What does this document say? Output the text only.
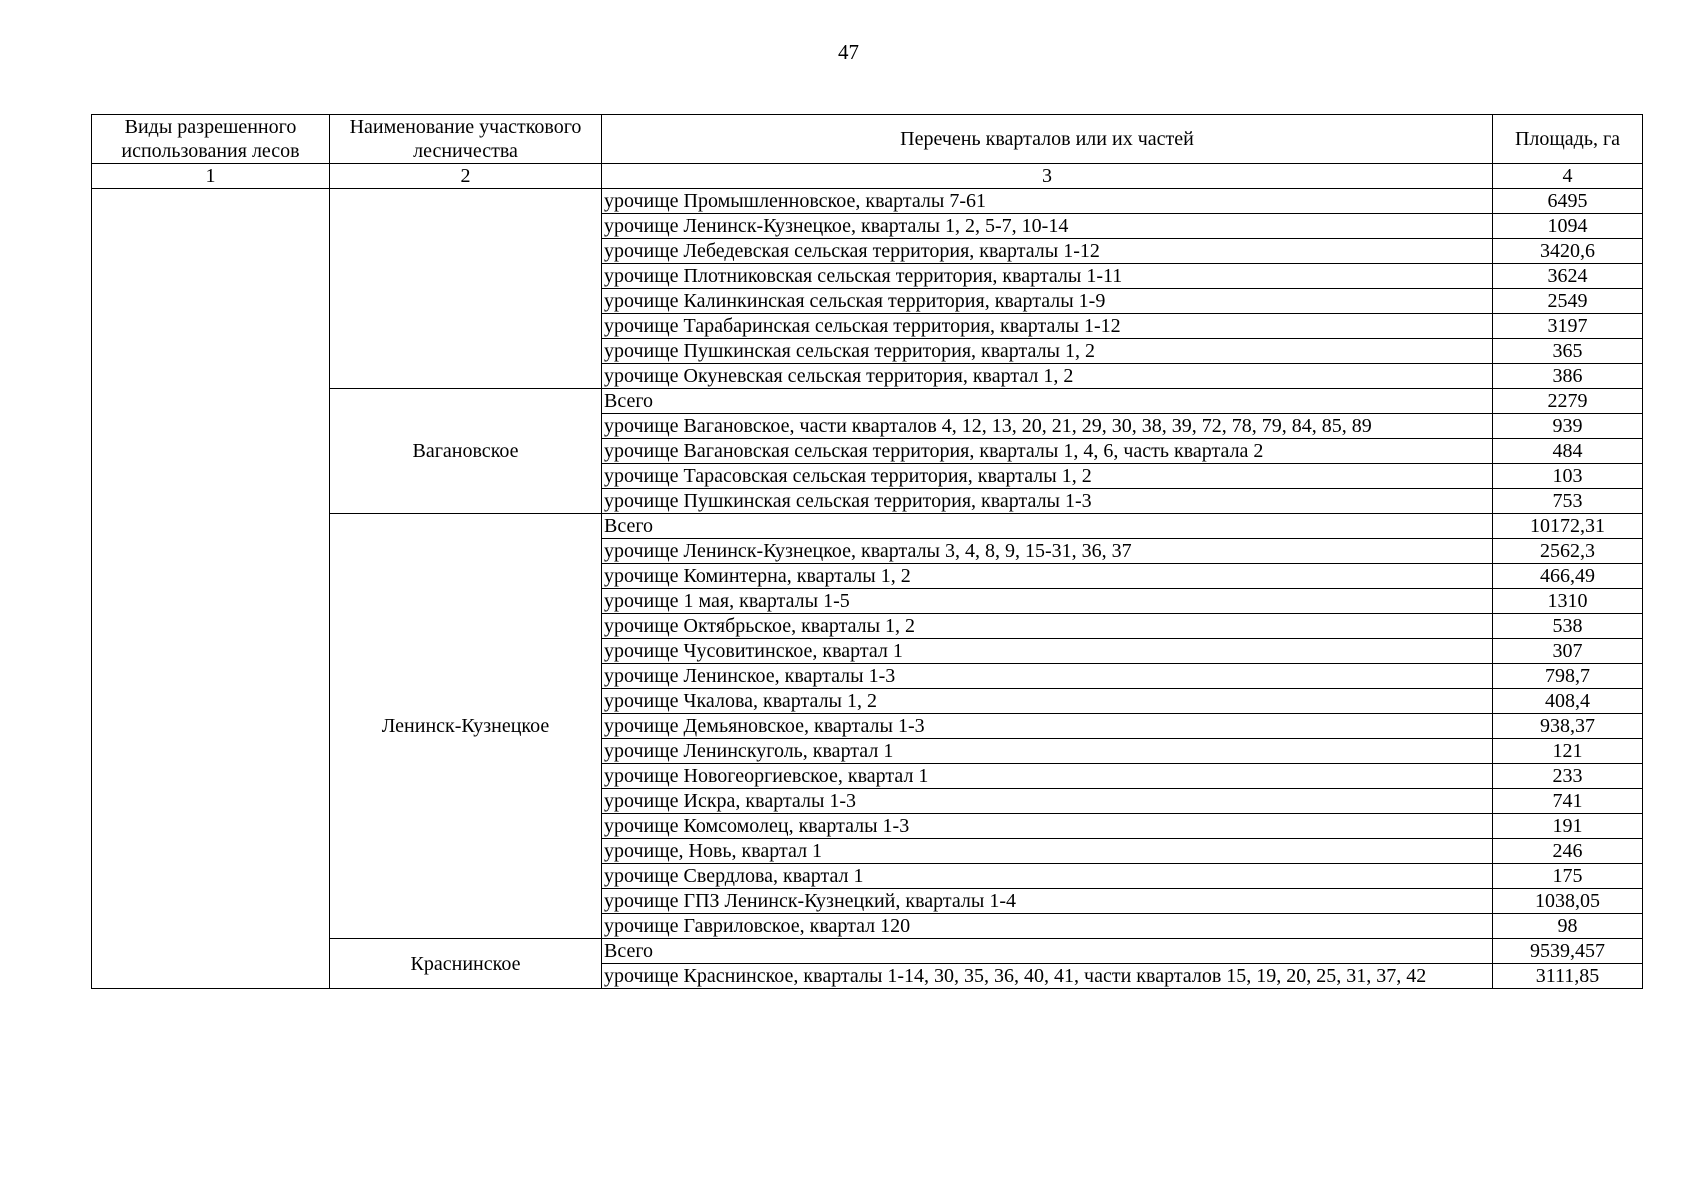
47
Виды разрешенного использования лесов	Наименование участкового лесничества	Перечень кварталов или их частей	Площадь, га
1	2	3	4
		урочище Промышленновское, кварталы 7-61	6495
		урочище Ленинск-Кузнецкое, кварталы 1, 2, 5-7, 10-14	1094
		урочище Лебедевская сельская территория, кварталы 1-12	3420,6
		урочище Плотниковская сельская территория, кварталы 1-11	3624
		урочище Калинкинская сельская территория, кварталы 1-9	2549
		урочище Тарабаринская сельская территория, кварталы 1-12	3197
		урочище Пушкинская сельская территория, кварталы 1, 2	365
		урочище Окуневская сельская территория, квартал 1, 2	386
	Вагановское	Всего	2279
		урочище Вагановское, части кварталов 4, 12, 13, 20, 21, 29, 30, 38, 39, 72, 78, 79, 84, 85, 89	939
		урочище Вагановская сельская территория, кварталы 1, 4, 6, часть квартала 2	484
		урочище Тарасовская сельская территория, кварталы 1, 2	103
		урочище Пушкинская сельская территория, кварталы 1-3	753
	Ленинск-Кузнецкое	Всего	10172,31
		урочище Ленинск-Кузнецкое, кварталы 3, 4, 8, 9, 15-31, 36, 37	2562,3
		урочище Коминтерна, кварталы 1, 2	466,49
		урочище 1 мая, кварталы 1-5	1310
		урочище Октябрьское, кварталы 1, 2	538
		урочище Чусовитинское, квартал 1	307
		урочище Ленинское, кварталы 1-3	798,7
		урочище Чкалова, кварталы 1, 2	408,4
		урочище Демьяновское, кварталы 1-3	938,37
		урочище Ленинскуголь, квартал 1	121
		урочище Новогеоргиевское, квартал 1	233
		урочище Искра, кварталы 1-3	741
		урочище Комсомолец, кварталы 1-3	191
		урочище, Новь, квартал 1	246
		урочище Свердлова, квартал 1	175
		урочище ГПЗ Ленинск-Кузнецкий, кварталы 1-4	1038,05
		урочище Гавриловское, квартал 120	98
	Краснинское	Всего	9539,457
		урочище Краснинское, кварталы 1-14, 30, 35, 36, 40, 41, части кварталов 15, 19, 20, 25, 31, 37, 42	3111,85
